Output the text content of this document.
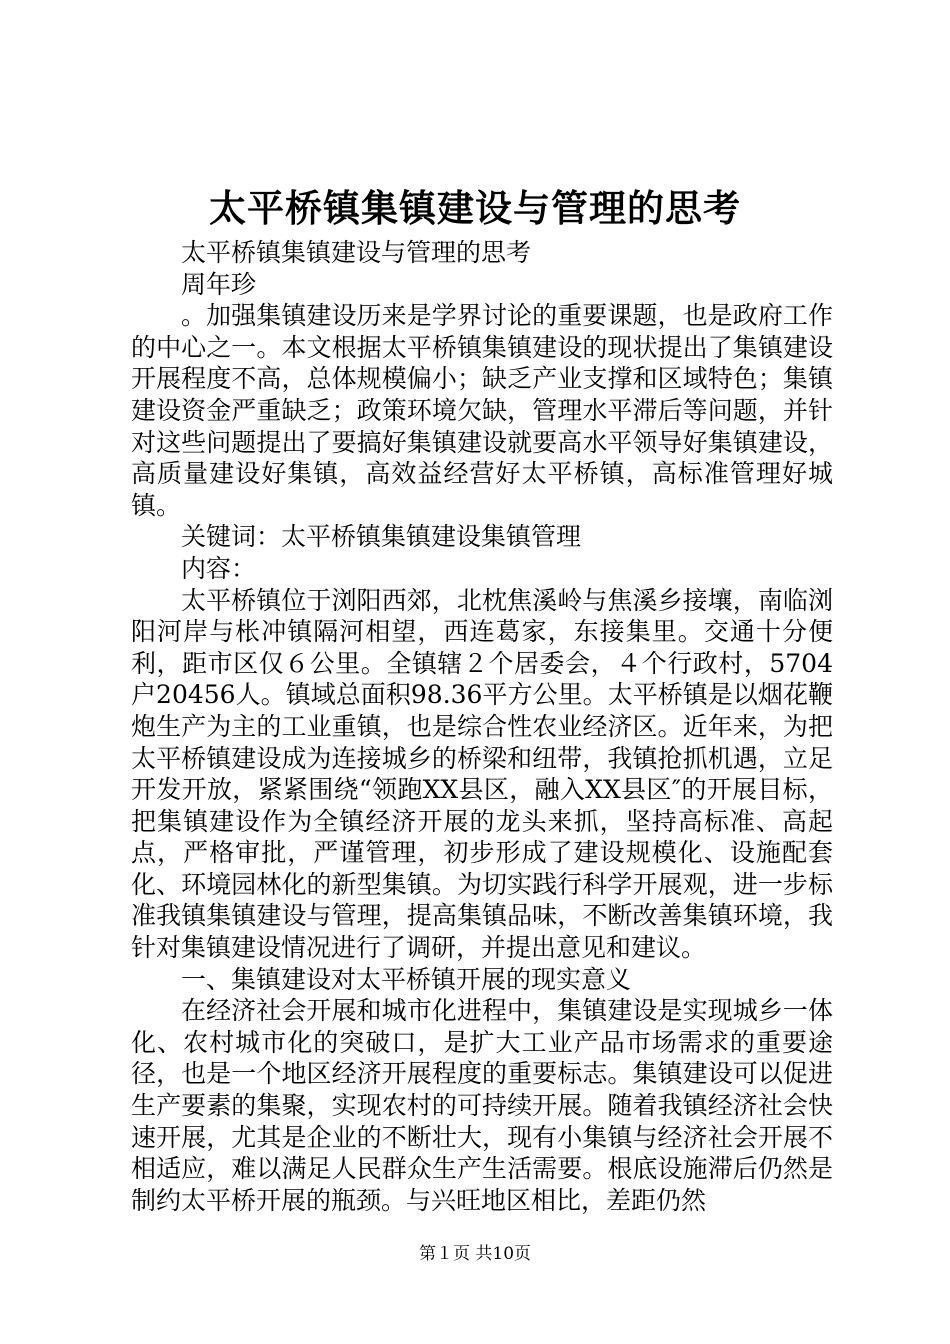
太平桥镇集镇建设与管理的思考

太平桥镇集镇建设与管理的思考

周年珍

。加强集镇建设历来是学界讨论的重要课题，也是政府工作的中心之一。本文根据太平桥镇集镇建设的现状提出了集镇建设开展程度不高，总体规模偏小；缺乏产业支撑和区域特色；集镇建设资金严重缺乏；政策环境欠缺，管理水平滞后等问题，并针对这些问题提出了要搞好集镇建设就要高水平领导好集镇建设，高质量建设好集镇，高效益经营好太平桥镇，高标准管理好城镇。

关键词：太平桥镇集镇建设集镇管理

内容：

太平桥镇位于浏阳西郊，北枕焦溪岭与焦溪乡接壤，南临浏阳河岸与枨冲镇隔河相望，西连葛家，东接集里。交通十分便利，距市区仅６公里。全镇辖２个居委会，４个行政村，5704户20456人。镇域总面积98.36平方公里。太平桥镇是以烟花鞭炮生产为主的工业重镇，也是综合性农业经济区。近年来，为把太平桥镇建设成为连接城乡的桥梁和纽带，我镇抢抓机遇，立足开发开放，紧紧围绕“领跑XX县区，融入XX县区″的开展目标，把集镇建设作为全镇经济开展的龙头来抓，坚持高标准、高起点，严格审批，严谨管理，初步形成了建设规模化、设施配套化、环境园林化的新型集镇。为切实践行科学开展观，进一步标准我镇集镇建设与管理，提高集镇品味，不断改善集镇环境，我针对集镇建设情况进行了调研，并提出意见和建议。

一、集镇建设对太平桥镇开展的现实意义

在经济社会开展和城市化进程中，集镇建设是实现城乡一体化、农村城市化的突破口，是扩大工业产品市场需求的重要途径，也是一个地区经济开展程度的重要标志。集镇建设可以促进生产要素的集聚，实现农村的可持续开展。随着我镇经济社会快速开展，尤其是企业的不断壮大，现有小集镇与经济社会开展不相适应，难以满足人民群众生产生活需要。根底设施滞后仍然是制约太平桥开展的瓶颈。与兴旺地区相比，差距仍然

第１页 共10页
